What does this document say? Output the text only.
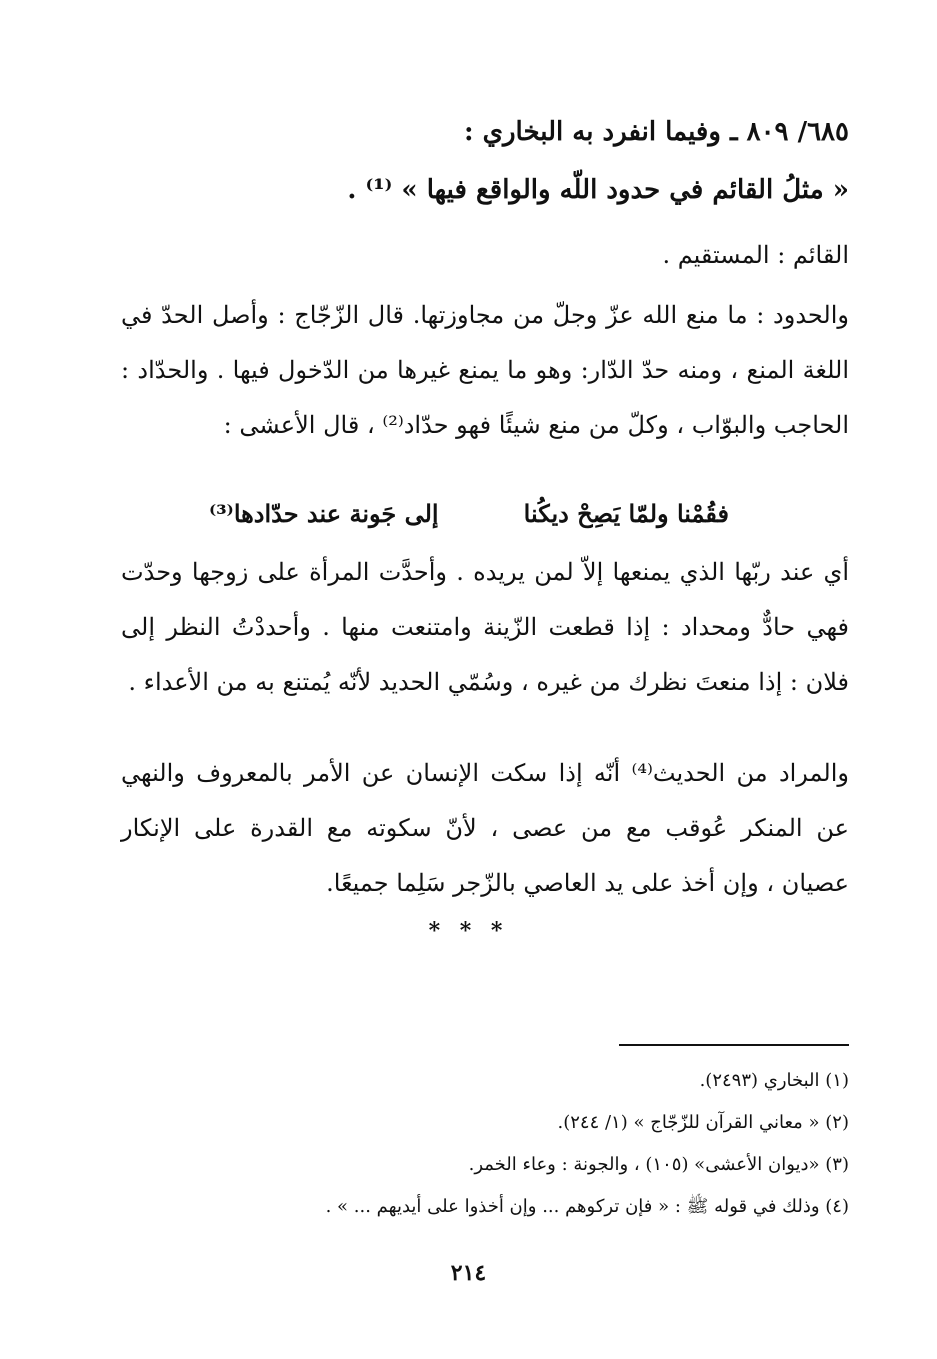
٦٨٥/ ٨٠٩ ـ وفيما انفرد به البخاري :
« مثلُ القائم في حدود اللّه والواقع فيها » ⁽¹⁾ .
القائم : المستقيم .
والحدود : ما منع الله عزّ وجلّ من مجاوزتها. قال الزّجّاج : وأصل الحدّ في اللغة المنع ، ومنه حدّ الدّار: وهو ما يمنع غيرها من الدّخول فيها . والحدّاد : الحاجب والبوّاب ، وكلّ من منع شيئًا فهو حدّاد⁽²⁾ ، قال الأعشى :
فقُمْنا ولمّا يَصِحْ ديكُنا
إلى جَونة عند حدّادها⁽³⁾
أي عند ربّها الذي يمنعها إلاّ لمن يريده . وأحدَّت المرأة على زوجها وحدّت فهي حادٌّ ومحداد : إذا قطعت الزّينة وامتنعت منها . وأحددْتُ النظر إلى فلان : إذا منعتَ نظرك من غيره ، وسُمّي الحديد لأنّه يُمتنع به من الأعداء .
والمراد من الحديث⁽⁴⁾ أنّه إذا سكت الإنسان عن الأمر بالمعروف والنهي عن المنكر عُوقب مع من عصى ، لأنّ سكوته مع القدرة على الإنكار عصيان ، وإن أخذ على يد العاصي بالزّجر سَلِما جميعًا.
* * *
(١) البخاري (٢٤٩٣).
(٢) « معاني القرآن للزّجّاج » (١/ ٢٤٤).
(٣) «ديوان الأعشى» (١٠٥) ، والجونة : وعاء الخمر.
(٤) وذلك في قوله ﷺ : « فإن تركوهم ... وإن أخذوا على أيديهم ... » .
٢١٤
